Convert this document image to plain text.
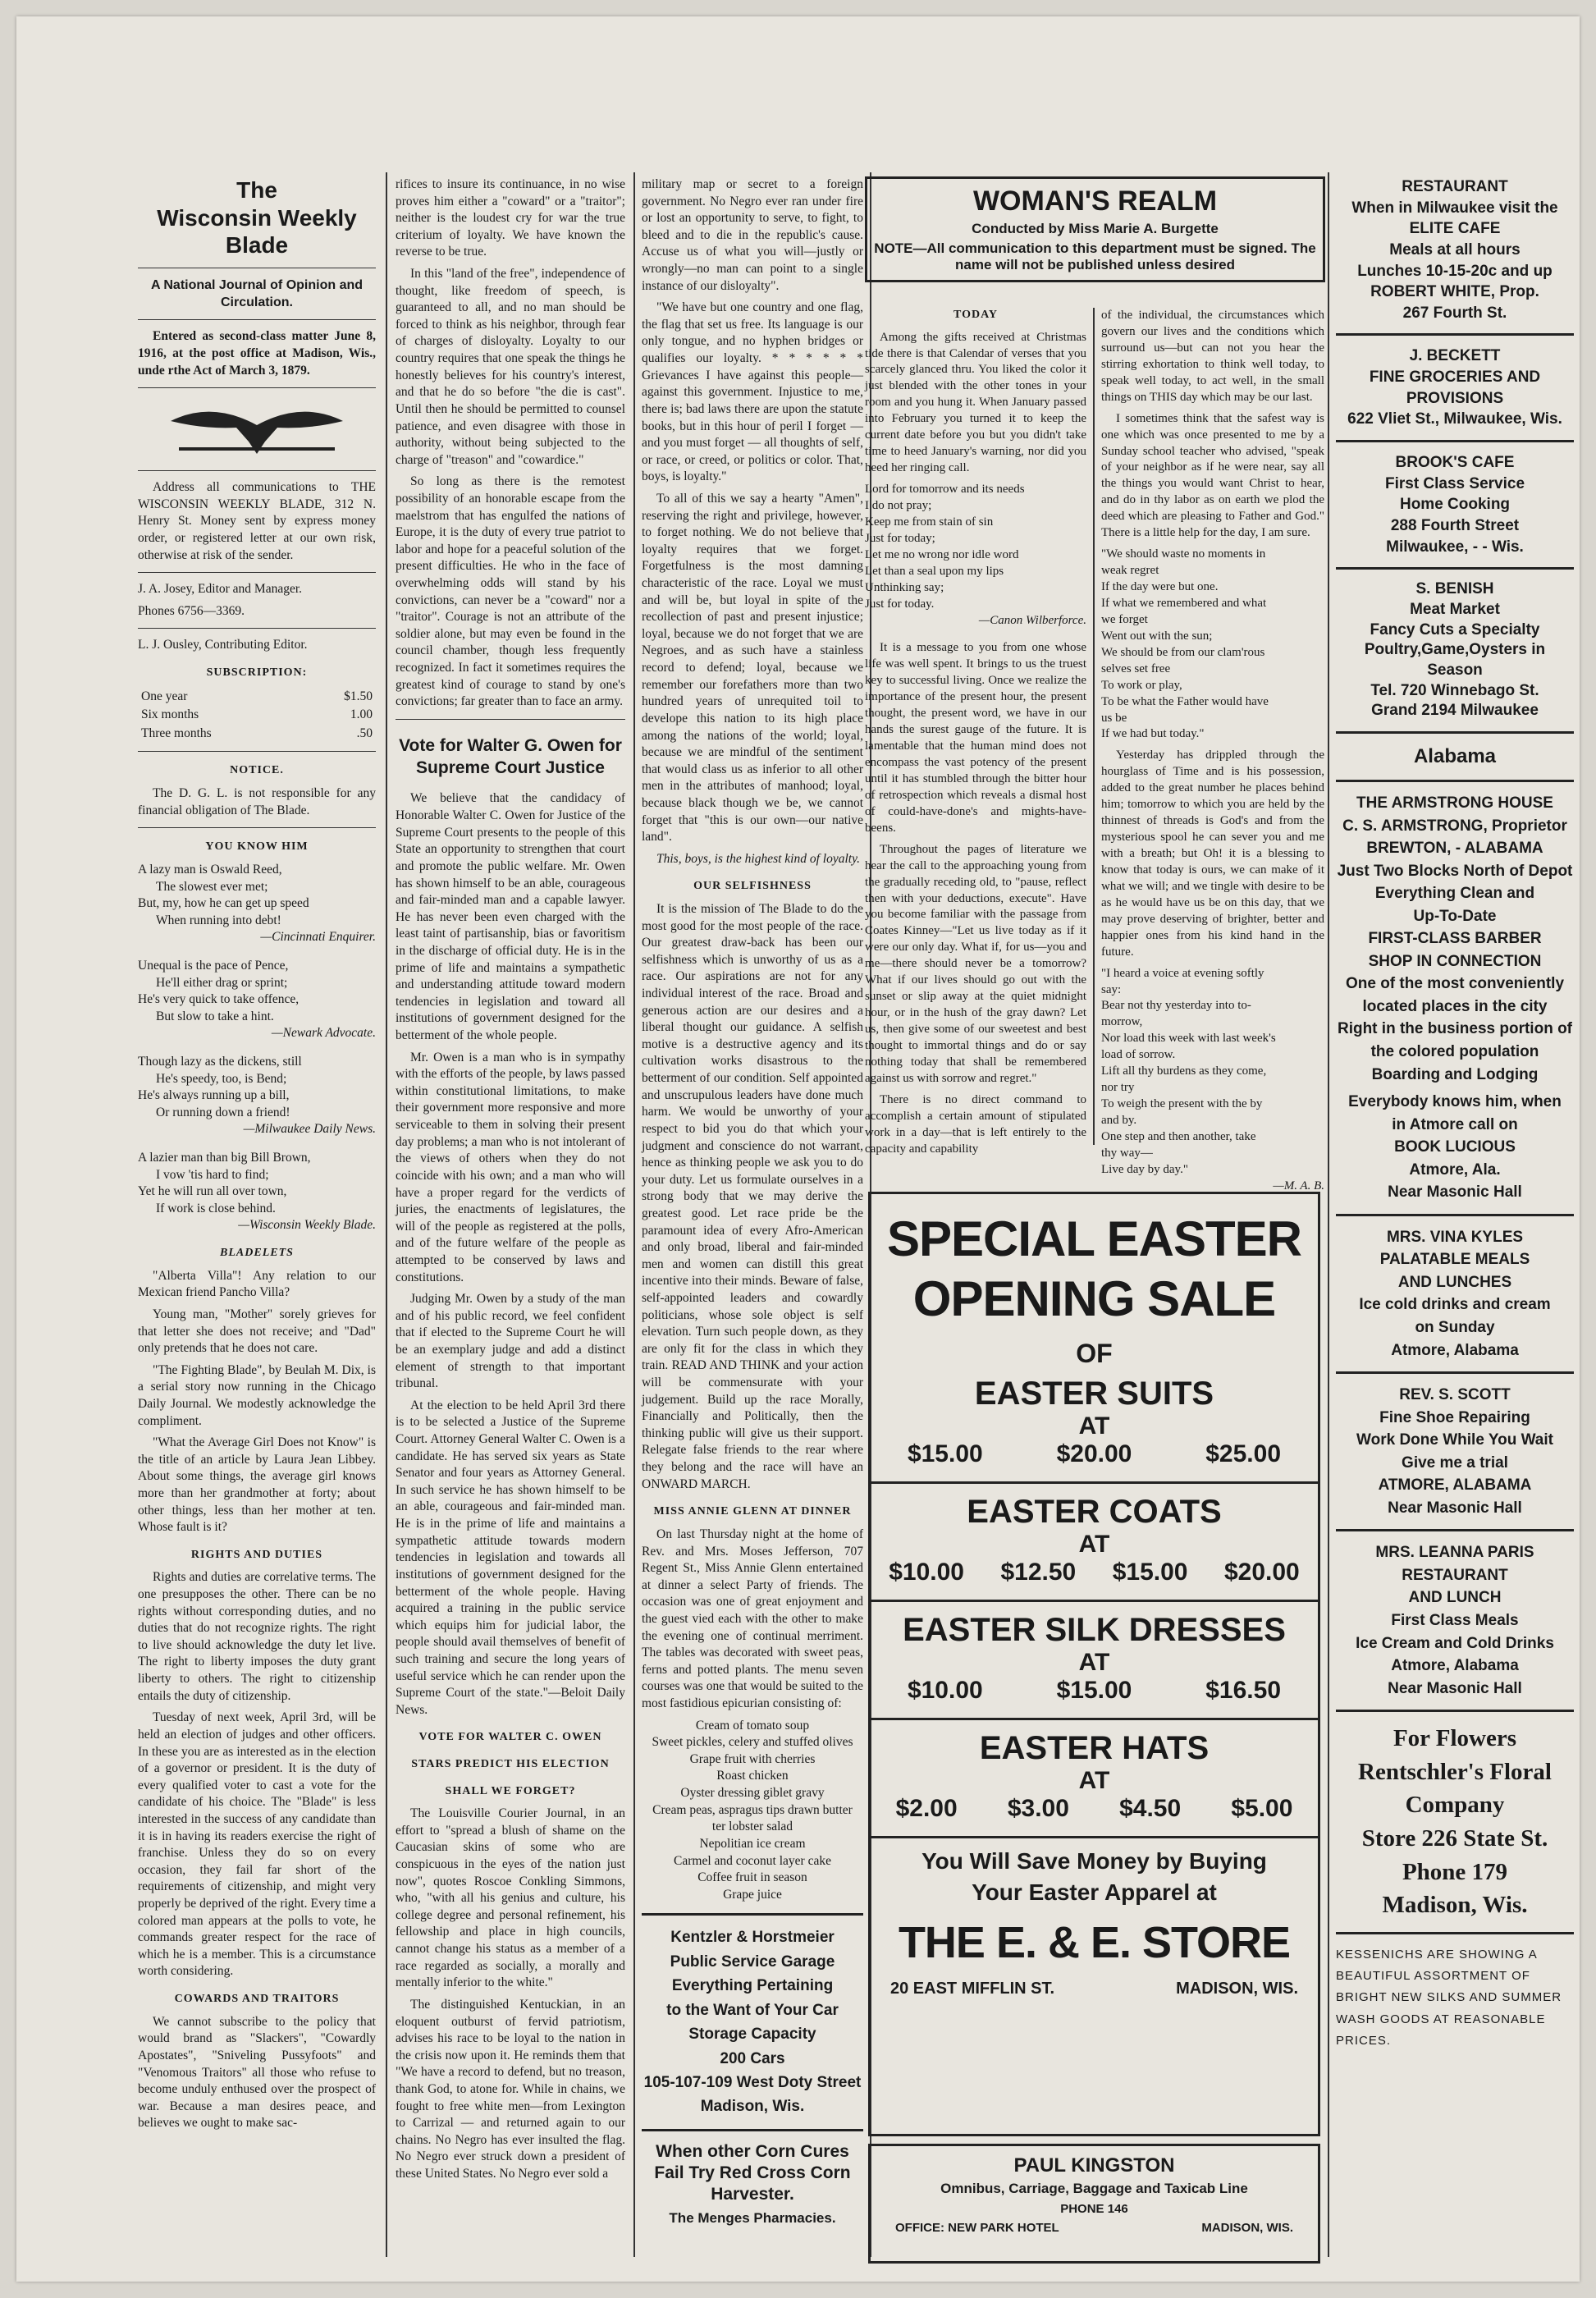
The
Wisconsin Weekly Blade
A National Journal of Opinion and Circulation.

Entered as second-class matter June 8, 1916, at the post office at Madison, Wis., unde rthe Act of March 3, 1879.

Address all communications to THE WISCONSIN WEEKLY BLADE, 312 N. Henry St. Money sent by express money order, or registered letter at our own risk, otherwise at risk of the sender.

J. A. Josey, Editor and Manager.

Phones 6756—3369.

L. J. Ousley, Contributing Editor.

SUBSCRIPTION:
One year	$1.50
Six months	1.00
Three months	.50
NOTICE.

The D. G. L. is not responsible for any financial obligation of The Blade.

YOU KNOW HIM
A lazy man is Oswald Reed,
The slowest ever met;
But, my, how he can get up speed
When running into debt!

—Cincinnati Enquirer.

Unequal is the pace of Pence,
He'll either drag or sprint;
He's very quick to take offence,
But slow to take a hint.

—Newark Advocate.

Though lazy as the dickens, still
He's speedy, too, is Bend;
He's always running up a bill,
Or running down a friend!

—Milwaukee Daily News.

A lazier man than big Bill Brown,
I vow 'tis hard to find;
Yet he will run all over town,
If work is close behind.

—Wisconsin Weekly Blade.

BLADELETS

"Alberta Villa"! Any relation to our Mexican friend Pancho Villa?

Young man, "Mother" sorely grieves for that letter she does not receive; and "Dad" only pretends that he does not care.

"The Fighting Blade", by Beulah M. Dix, is a serial story now running in the Chicago Daily Journal. We modestly acknowledge the compliment.

"What the Average Girl Does not Know" is the title of an article by Laura Jean Libbey. About some things, the average girl knows more than her grandmother at forty; about other things, less than her mother at ten. Whose fault is it?

RIGHTS AND DUTIES

Rights and duties are correlative terms. The one presupposes the other. There can be no rights without corresponding duties, and no duties that do not recognize rights. The right to live should acknowledge the duty let live. The right to liberty imposes the duty grant liberty to others. The right to citizenship entails the duty of citizenship.

Tuesday of next week, April 3rd, will be held an election of judges and other officers. In these you are as interested as in the election of a governor or president. It is the duty of every qualified voter to cast a vote for the candidate of his choice. The "Blade" is less interested in the success of any candidate than it is in having its readers exercise the right of franchise. Unless they do so on every occasion, they fail far short of the requirements of citizenship, and might very properly be deprived of the right. Every time a colored man appears at the polls to vote, he commands greater respect for the race of which he is a member. This is a circumstance worth considering.

COWARDS AND TRAITORS

We cannot subscribe to the policy that would brand as "Slackers", "Cowardly Apostates", "Sniveling Pussyfoots" and "Venomous Traitors" all those who refuse to become unduly enthused over the prospect of war. Because a man desires peace, and believes we ought to make sac-

rifices to insure its continuance, in no wise proves him either a "coward" or a "traitor"; neither is the loudest cry for war the true criterium of loyalty. We have known the reverse to be true.

In this "land of the free", independence of thought, like freedom of speech, is guaranteed to all, and no man should be forced to think as his neighbor, through fear of charges of disloyalty. Loyalty to our country requires that one speak the things he honestly believes for his country's interest, and that he do so before "the die is cast". Until then he should be permitted to counsel patience, and even disagree with those in authority, without being subjected to the charge of "treason" and "cowardice."

So long as there is the remotest possibility of an honorable escape from the maelstrom that has engulfed the nations of Europe, it is the duty of every true patriot to labor and hope for a peaceful solution of the present difficulties. He who in the face of overwhelming odds will stand by his convictions, can never be a "coward" nor a "traitor". Courage is not an attribute of the soldier alone, but may even be found in the council chamber, though less frequently recognized. In fact it sometimes requires the greatest kind of courage to stand by one's convictions; far greater than to face an army.

Vote for Walter G. Owen for Supreme Court Justice

We believe that the candidacy of Honorable Walter C. Owen for Justice of the Supreme Court presents to the people of this State an opportunity to strengthen that court and promote the public welfare. Mr. Owen has shown himself to be an able, courageous and fair-minded man and a capable lawyer. He has never been even charged with the least taint of partisanship, bias or favoritism in the discharge of official duty. He is in the prime of life and maintains a sympathetic and understanding attitude toward modern tendencies in legislation and toward all institutions of government designed for the betterment of the whole people.

Mr. Owen is a man who is in sympathy with the efforts of the people, by laws passed within constitutional limitations, to make their government more responsive and more serviceable to them in solving their present day problems; a man who is not intolerant of the views of others when they do not coincide with his own; and a man who will have a proper regard for the verdicts of juries, the enactments of legislatures, the will of the people as registered at the polls, and of the future welfare of the people as attempted to be conserved by laws and constitutions.

Judging Mr. Owen by a study of the man and of his public record, we feel confident that if elected to the Supreme Court he will be an exemplary judge and add a distinct element of strength to that important tribunal.

At the election to be held April 3rd there is to be selected a Justice of the Supreme Court. Attorney General Walter C. Owen is a candidate. He has served six years as State Senator and four years as Attorney General. In such service he has shown himself to be an able, courageous and fair-minded man. He is in the prime of life and maintains a sympathetic attitude towards modern tendencies in legislation and towards all institutions of government designed for the betterment of the whole people. Having acquired a training in the public service which equips him for judicial labor, the people should avail themselves of benefit of such training and secure the long years of useful service which he can render upon the Supreme Court of the state."—Beloit Daily News.

VOTE FOR WALTER C. OWEN
STARS PREDICT HIS ELECTION
SHALL WE FORGET?

The Louisville Courier Journal, in an effort to "spread a blush of shame on the Caucasian skins of some who are conspicuous in the eyes of the nation just now", quotes Roscoe Conkling Simmons, who, "with all his genius and culture, his college degree and personal refinement, his fellowship and place in high councils, cannot change his status as a member of a race regarded as socially, a morally and mentally inferior to the white."

The distinguished Kentuckian, in an eloquent outburst of fervid patriotism, advises his race to be loyal to the nation in the crisis now upon it. He reminds them that "We have a record to defend, but no treason, thank God, to atone for. While in chains, we fought to free white men—from Lexington to Carrizal — and returned again to our chains. No Negro has ever insulted the flag. No Negro ever struck down a president of these United States. No Negro ever sold a

military map or secret to a foreign government. No Negro ever ran under fire or lost an opportunity to serve, to fight, to bleed and to die in the republic's cause. Accuse us of what you will—justly or wrongly—no man can point to a single instance of our disloyalty".

"We have but one country and one flag, the flag that set us free. Its language is our only tongue, and no hyphen bridges or qualifies our loyalty. * * * * * * Grievances I have against this people—against this government. Injustice to me, there is; bad laws there are upon the statute books, but in this hour of peril I forget — and you must forget — all thoughts of self, or race, or creed, or politics or color. That, boys, is loyalty."

To all of this we say a hearty "Amen", reserving the right and privilege, however, to forget nothing. We do not believe that loyalty requires that we forget. Forgetfulness is the most damning characteristic of the race. Loyal we must and will be, but loyal in spite of the recollection of past and present injustice; loyal, because we do not forget that we are Negroes, and as such have a stainless record to defend; loyal, because we remember our forefathers more than two hundred years of unrequited toil to develope this nation to its high place among the nations of the world; loyal, because we are mindful of the sentiment that would class us as inferior to all other men in the attributes of manhood; loyal, because black though we be, we cannot forget that "this is our own—our native land".

This, boys, is the highest kind of loyalty.

OUR SELFISHNESS

It is the mission of The Blade to do the most good for the most people of the race. Our greatest draw-back has been our selfishness which is unworthy of us as a race. Our aspirations are not for any individual interest of the race. Broad and generous action are our desires and a liberal thought our guidance. A selfish motive is a destructive agency and its cultivation works disastrous to the betterment of our condition. Self appointed and unscrupulous leaders have done much harm. We would be unworthy of your respect to bid you do that which your judgment and conscience do not warrant, hence as thinking people we ask you to do your duty. Let us formulate ourselves in a strong body that we may derive the greatest good. Let race pride be the paramount idea of every Afro-American and only broad, liberal and fair-minded men and women can distill this great incentive into their minds. Beware of false, self-appointed leaders and cowardly politicians, whose sole object is self elevation. Turn such people down, as they are only fit for the class in which they train. READ AND THINK and your action will be commensurate with your judgement. Build up the race Morally, Financially and Politically, then the thinking public will give us their support. Relegate false friends to the rear where they belong and the race will have an ONWARD MARCH.

MISS ANNIE GLENN AT DINNER

On last Thursday night at the home of Rev. and Mrs. Moses Jefferson, 707 Regent St., Miss Annie Glenn entertained at dinner a select Party of friends. The occasion was one of great enjoyment and the guest vied each with the other to make the evening one of continual merriment. The tables was decorated with sweet peas, ferns and potted plants. The menu seven courses was one that would be suited to the most fastidious epicurian consisting of:

Cream of tomato soup
Sweet pickles, celery and stuffed olives
Grape fruit with cherries
Roast chicken
Oyster dressing giblet gravy
Cream peas, aspragus tips drawn butter
ter lobster salad
Nepolitian ice cream
Carmel and coconut layer cake
Coffee fruit in season
Grape juice
Kentzler & Horstmeier
Public Service Garage
Everything Pertaining
to the Want of Your Car
Storage Capacity
200 Cars
105-107-109 West Doty Street
Madison, Wis.
When other Corn Cures
Fail Try Red Cross Corn
Harvester.
The Menges Pharmacies.
WOMAN'S REALM
Conducted by Miss Marie A. Burgette
NOTE—All communication to this department must be signed. The name will not be published unless desired
TODAY

Among the gifts received at Christmas tide there is that Calendar of verses that you scarcely glanced thru. You liked the color it just blended with the other tones in your room and you hung it. When January passed into February you turned it to keep the current date before you but you didn't take time to heed January's warning, nor did you heed her ringing call.

Lord for tomorrow and its needs
I do not pray;
Keep me from stain of sin
Just for today;
Let me no wrong nor idle word
Let than a seal upon my lips
Unthinking say;
Just for today.

—Canon Wilberforce.

It is a message to you from one whose life was well spent. It brings to us the truest key to successful living. Once we realize the importance of the present hour, the present thought, the present word, we have in our hands the surest gauge of the future. It is lamentable that the human mind does not encompass the vast potency of the present until it has stumbled through the bitter hour of retrospection which reveals a dismal host of could-have-done's and mights-have-beens.

Throughout the pages of literature we hear the call to the approaching young from the gradually receding old, to "pause, reflect then with your deductions, execute". Have you become familiar with the passage from Coates Kinney—"Let us live today as if it were our only day. What if, for us—you and me—there should never be a tomorrow? What if our lives should go out with the sunset or slip away at the quiet midnight hour, or in the hush of the gray dawn? Let us, then give some of our sweetest and best thought to immortal things and do or say nothing today that shall be remembered against us with sorrow and regret."

There is no direct command to accomplish a certain amount of stipulated work in a day—that is left entirely to the capacity and capability

of the individual, the circumstances which govern our lives and the conditions which surround us—but can not you hear the stirring exhortation to think well today, to speak well today, to act well, in the small things on THIS day which may be our last.

I sometimes think that the safest way is one which was once presented to me by a Sunday school teacher who advised, "speak of your neighbor as if he were near, say all the things you would want Christ to hear, and do in thy labor as on earth we plod the deed which are pleasing to Father and God." There is a little help for the day, I am sure.

"We should waste no moments in
weak regret
If the day were but one.
If what we remembered and what
we forget
Went out with the sun;
We should be from our clam'rous
selves set free
To work or play,
To be what the Father would have
us be
If we had but today."

Yesterday has drippled through the hourglass of Time and is his possession, added to the great number he places behind him; tomorrow to which you are held by the thinnest of threads is God's and from the mysterious spool he can sever you and me with a breath; but Oh! it is a blessing to know that today is ours, we can make of it what we will; and we tingle with desire to be as he would have us be on this day, that we may prove deserving of brighter, better and happier ones from his kind hand in the future.

"I heard a voice at evening softly
say:
Bear not thy yesterday into to-
morrow,
Nor load this week with last week's
load of sorrow.
Lift all thy burdens as they come,
nor try
To weigh the present with the by
and by.
One step and then another, take
thy way—
Live day by day."

—M. A. B.

SPECIAL EASTER
OPENING SALE
OF
EASTER SUITS
AT
$15.00	$20.00	$25.00
EASTER COATS
AT
$10.00 $12.50 $15.00 $20.00
EASTER SILK DRESSES
AT
$10.00	$15.00	$16.50
EASTER HATS
AT
$2.00 $3.00 $4.50 $5.00
You Will Save Money by Buying
Your Easter Apparel at
THE E. & E. STORE
20 EAST MIFFLIN ST.	MADISON, WIS.
PAUL KINGSTON
Omnibus, Carriage, Baggage and Taxicab Line
PHONE 146
OFFICE: NEW PARK HOTEL	MADISON, WIS.
RESTAURANT
When in Milwaukee visit the
ELITE CAFE
Meals at all hours
Lunches 10-15-20c and up
ROBERT WHITE, Prop.
267 Fourth St.
J. BECKETT
FINE GROCERIES AND
PROVISIONS
622 Vliet St., Milwaukee, Wis.
BROOK'S CAFE
First Class Service
Home Cooking
288 Fourth Street
Milwaukee, - - Wis.
S. BENISH
Meat Market
Fancy Cuts a Specialty
Poultry,Game,Oysters in Season
Tel. 720 Winnebago St.
Grand 2194 Milwaukee
Alabama
THE ARMSTRONG HOUSE
C. S. ARMSTRONG, Proprietor
BREWTON, - ALABAMA
Just Two Blocks North of Depot
Everything Clean and
Up-To-Date
FIRST-CLASS BARBER
SHOP IN CONNECTION
One of the most conveniently
located places in the city
Right in the business portion of
the colored population
Boarding and Lodging
Everybody knows him, when
in Atmore call on
BOOK LUCIOUS
Atmore, Ala.
Near Masonic Hall
MRS. VINA KYLES
PALATABLE MEALS
AND LUNCHES
Ice cold drinks and cream
on Sunday
Atmore, Alabama
REV. S. SCOTT
Fine Shoe Repairing
Work Done While You Wait
Give me a trial
ATMORE, ALABAMA
Near Masonic Hall
MRS. LEANNA PARIS
RESTAURANT
AND LUNCH
First Class Meals
Ice Cream and Cold Drinks
Atmore, Alabama
Near Masonic Hall
For Flowers
Rentschler's Floral
Company
Store 226 State St.
Phone 179
Madison, Wis.

KESSENICHS ARE SHOWING A BEAUTIFUL ASSORTMENT OF BRIGHT NEW SILKS AND SUMMER WASH GOODS AT REASONABLE PRICES.
